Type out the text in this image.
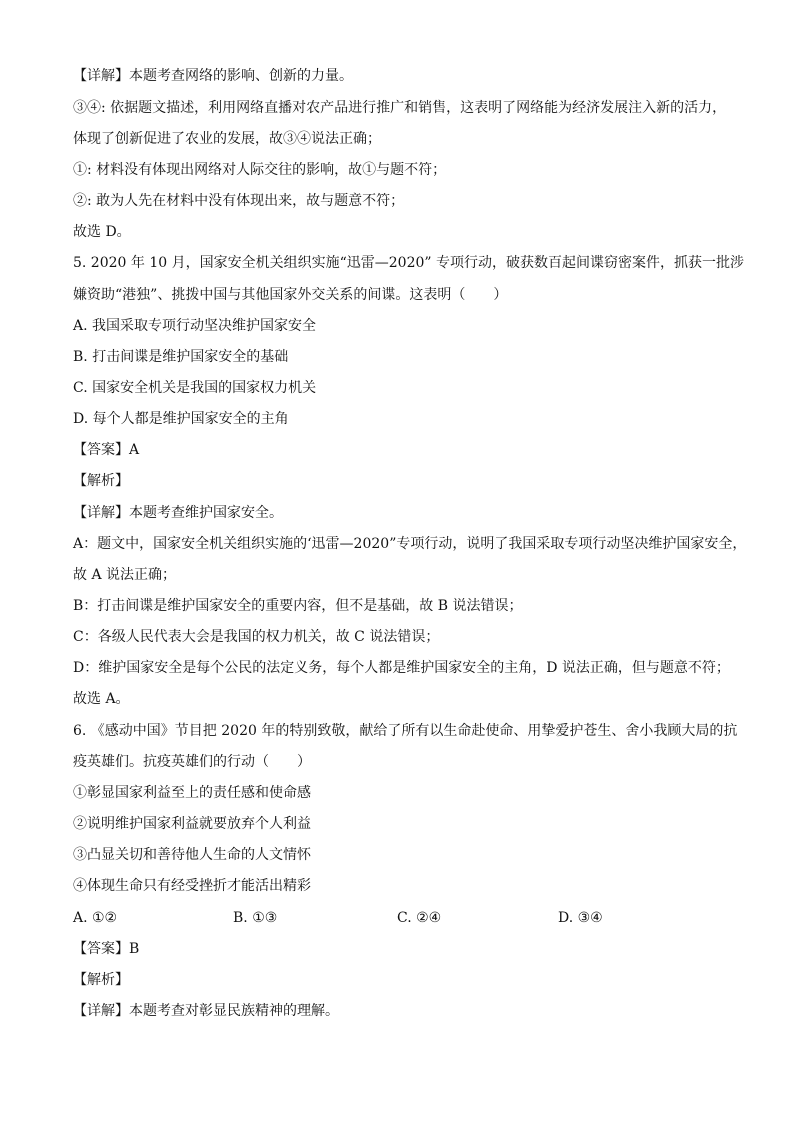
【详解】本题考查网络的影响、创新的力量。
③④: 依据题文描述，利用网络直播对农产品进行推广和销售，这表明了网络能为经济发展注入新的活力，
体现了创新促进了农业的发展，故③④说法正确；
①: 材料没有体现出网络对人际交往的影响，故①与题不符；
②: 敢为人先在材料中没有体现出来，故与题意不符；
故选 D。
5. 2020 年 10 月，国家安全机关组织实施“迅雷—2020” 专项行动，破获数百起间谍窃密案件，抓获一批涉
嫌资助“港独”、挑拨中国与其他国家外交关系的间谍。这表明（　　）
A. 我国采取专项行动坚决维护国家安全
B. 打击间谍是维护国家安全的基础
C. 国家安全机关是我国的国家权力机关
D. 每个人都是维护国家安全的主角
【答案】A
【解析】
【详解】本题考查维护国家安全。
A：题文中，国家安全机关组织实施的‘迅雷—2020”专项行动，说明了我国采取专项行动坚决维护国家安全，
故 A 说法正确；
B：打击间谍是维护国家安全的重要内容，但不是基础，故 B 说法错误；
C：各级人民代表大会是我国的权力机关，故 C 说法错误；
D：维护国家安全是每个公民的法定义务，每个人都是维护国家安全的主角，D 说法正确，但与题意不符；
故选 A。
6. 《感动中国》节目把 2020 年的特别致敬，献给了所有以生命赴使命、用挚爱护苍生、舍小我顾大局的抗
疫英雄们。抗疫英雄们的行动（　　）
①彰显国家利益至上的责任感和使命感
②说明维护国家利益就要放弃个人利益
③凸显关切和善待他人生命的人文情怀
④体现生命只有经受挫折才能活出精彩
A. ①②	B. ①③	C. ②④	D. ③④
【答案】B
【解析】
【详解】本题考查对彰显民族精神的理解。
